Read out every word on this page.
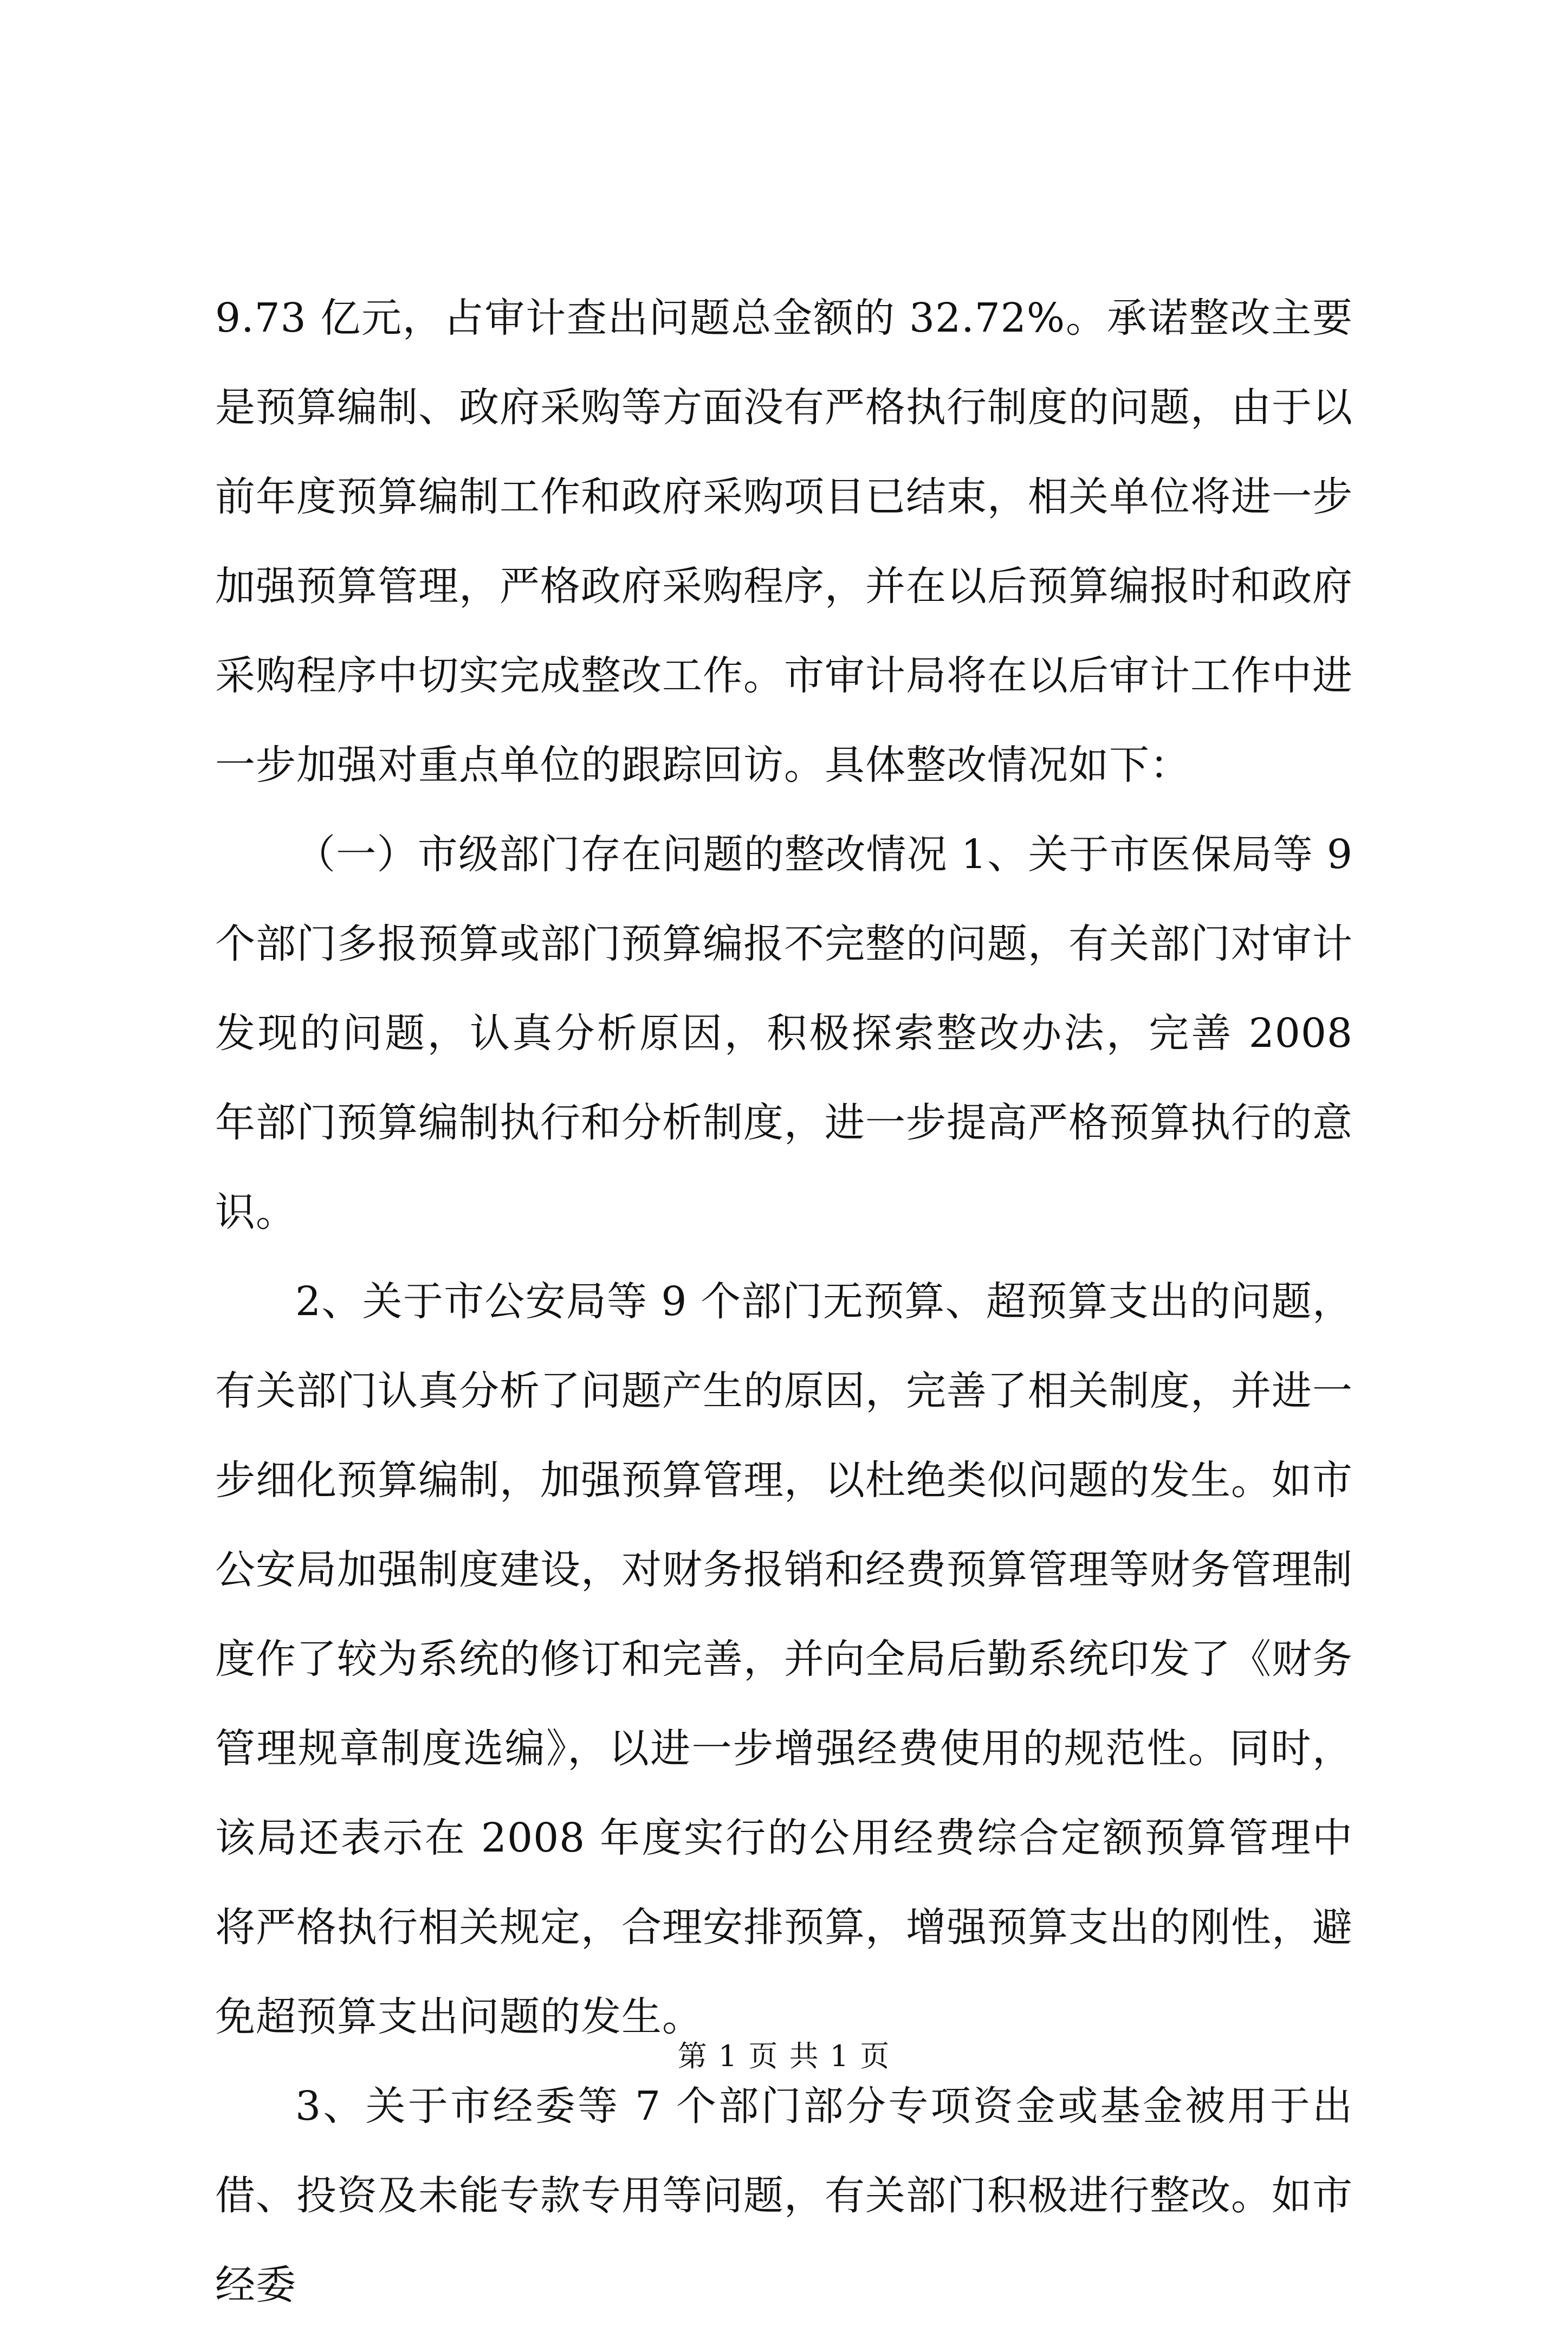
9.73 亿元，占审计查出问题总金额的 32.72%。承诺整改主要是预算编制、政府采购等方面没有严格执行制度的问题，由于以前年度预算编制工作和政府采购项目已结束，相关单位将进一步加强预算管理，严格政府采购程序，并在以后预算编报时和政府采购程序中切实完成整改工作。市审计局将在以后审计工作中进一步加强对重点单位的跟踪回访。具体整改情况如下：

（一）市级部门存在问题的整改情况 1、关于市医保局等 9 个部门多报预算或部门预算编报不完整的问题，有关部门对审计发现的问题，认真分析原因，积极探索整改办法，完善 2008 年部门预算编制执行和分析制度，进一步提高严格预算执行的意识。

2、关于市公安局等 9 个部门无预算、超预算支出的问题，有关部门认真分析了问题产生的原因，完善了相关制度，并进一步细化预算编制，加强预算管理，以杜绝类似问题的发生。如市公安局加强制度建设，对财务报销和经费预算管理等财务管理制度作了较为系统的修订和完善，并向全局后勤系统印发了《财务管理规章制度选编》，以进一步增强经费使用的规范性。同时，该局还表示在 2008 年度实行的公用经费综合定额预算管理中将严格执行相关规定，合理安排预算，增强预算支出的刚性，避免超预算支出问题的发生。

3、关于市经委等 7 个部门部分专项资金或基金被用于出借、投资及未能专款专用等问题，有关部门积极进行整改。如市经委

第 1 页 共 1 页
